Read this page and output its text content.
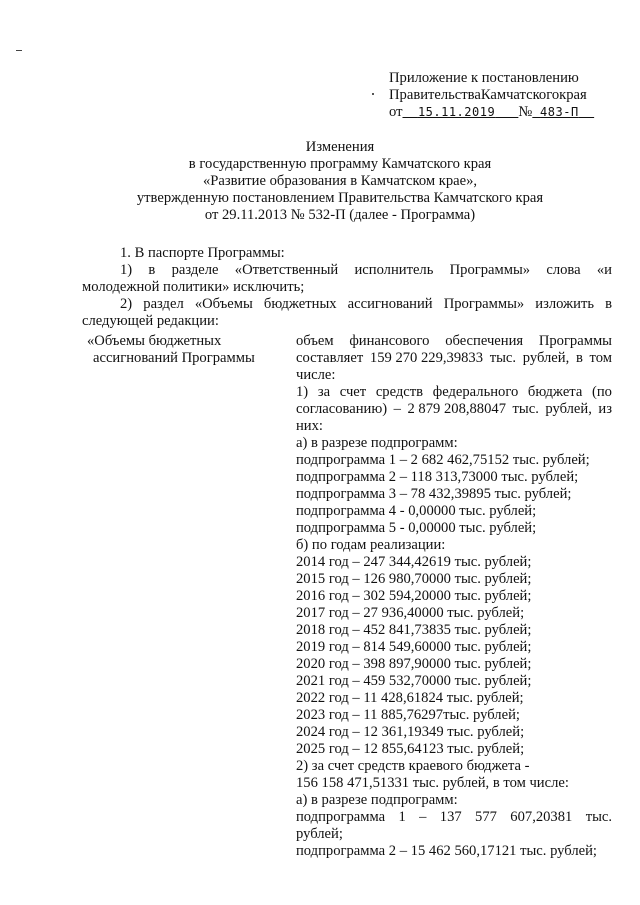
Приложение к постановлению
Правительства Камчатского края
от 15.11.2019 № 483-П
Изменения
в государственную программу Камчатского края
«Развитие образования в Камчатском крае»,
утвержденную постановлением Правительства Камчатского края
от 29.11.2013 № 532-П (далее - Программа)
1. В паспорте Программы:
1) в разделе «Ответственный исполнитель Программы» слова «и
молодежной политики» исключить;
2) раздел «Объемы бюджетных ассигнований Программы» изложить в
следующей редакции:
«Объемы бюджетных
ассигнований Программы
объем финансового обеспечения Программы
составляет 159 270 229,39833 тыс. рублей, в том
числе:
1) за счет средств федерального бюджета (по
согласованию) – 2 879 208,88047 тыс. рублей, из
них:
а) в разрезе подпрограмм:
подпрограмма 1 – 2 682 462,75152 тыс. рублей;
подпрограмма 2 – 118 313,73000 тыс. рублей;
подпрограмма 3 – 78 432,39895 тыс. рублей;
подпрограмма 4 - 0,00000 тыс. рублей;
подпрограмма 5 - 0,00000 тыс. рублей;
б) по годам реализации:
2014 год – 247 344,42619 тыс. рублей;
2015 год – 126 980,70000 тыс. рублей;
2016 год – 302 594,20000 тыс. рублей;
2017 год – 27 936,40000 тыс. рублей;
2018 год – 452 841,73835 тыс. рублей;
2019 год – 814 549,60000 тыс. рублей;
2020 год – 398 897,90000 тыс. рублей;
2021 год – 459 532,70000 тыс. рублей;
2022 год – 11 428,61824 тыс. рублей;
2023 год – 11 885,76297тыс. рублей;
2024 год – 12 361,19349 тыс. рублей;
2025 год – 12 855,64123 тыс. рублей;
2) за счет средств краевого бюджета -
156 158 471,51331 тыс. рублей, в том числе:
а) в разрезе подпрограмм:
подпрограмма 1 – 137 577 607,20381 тыс.
рублей;
подпрограмма 2 – 15 462 560,17121 тыс. рублей;
